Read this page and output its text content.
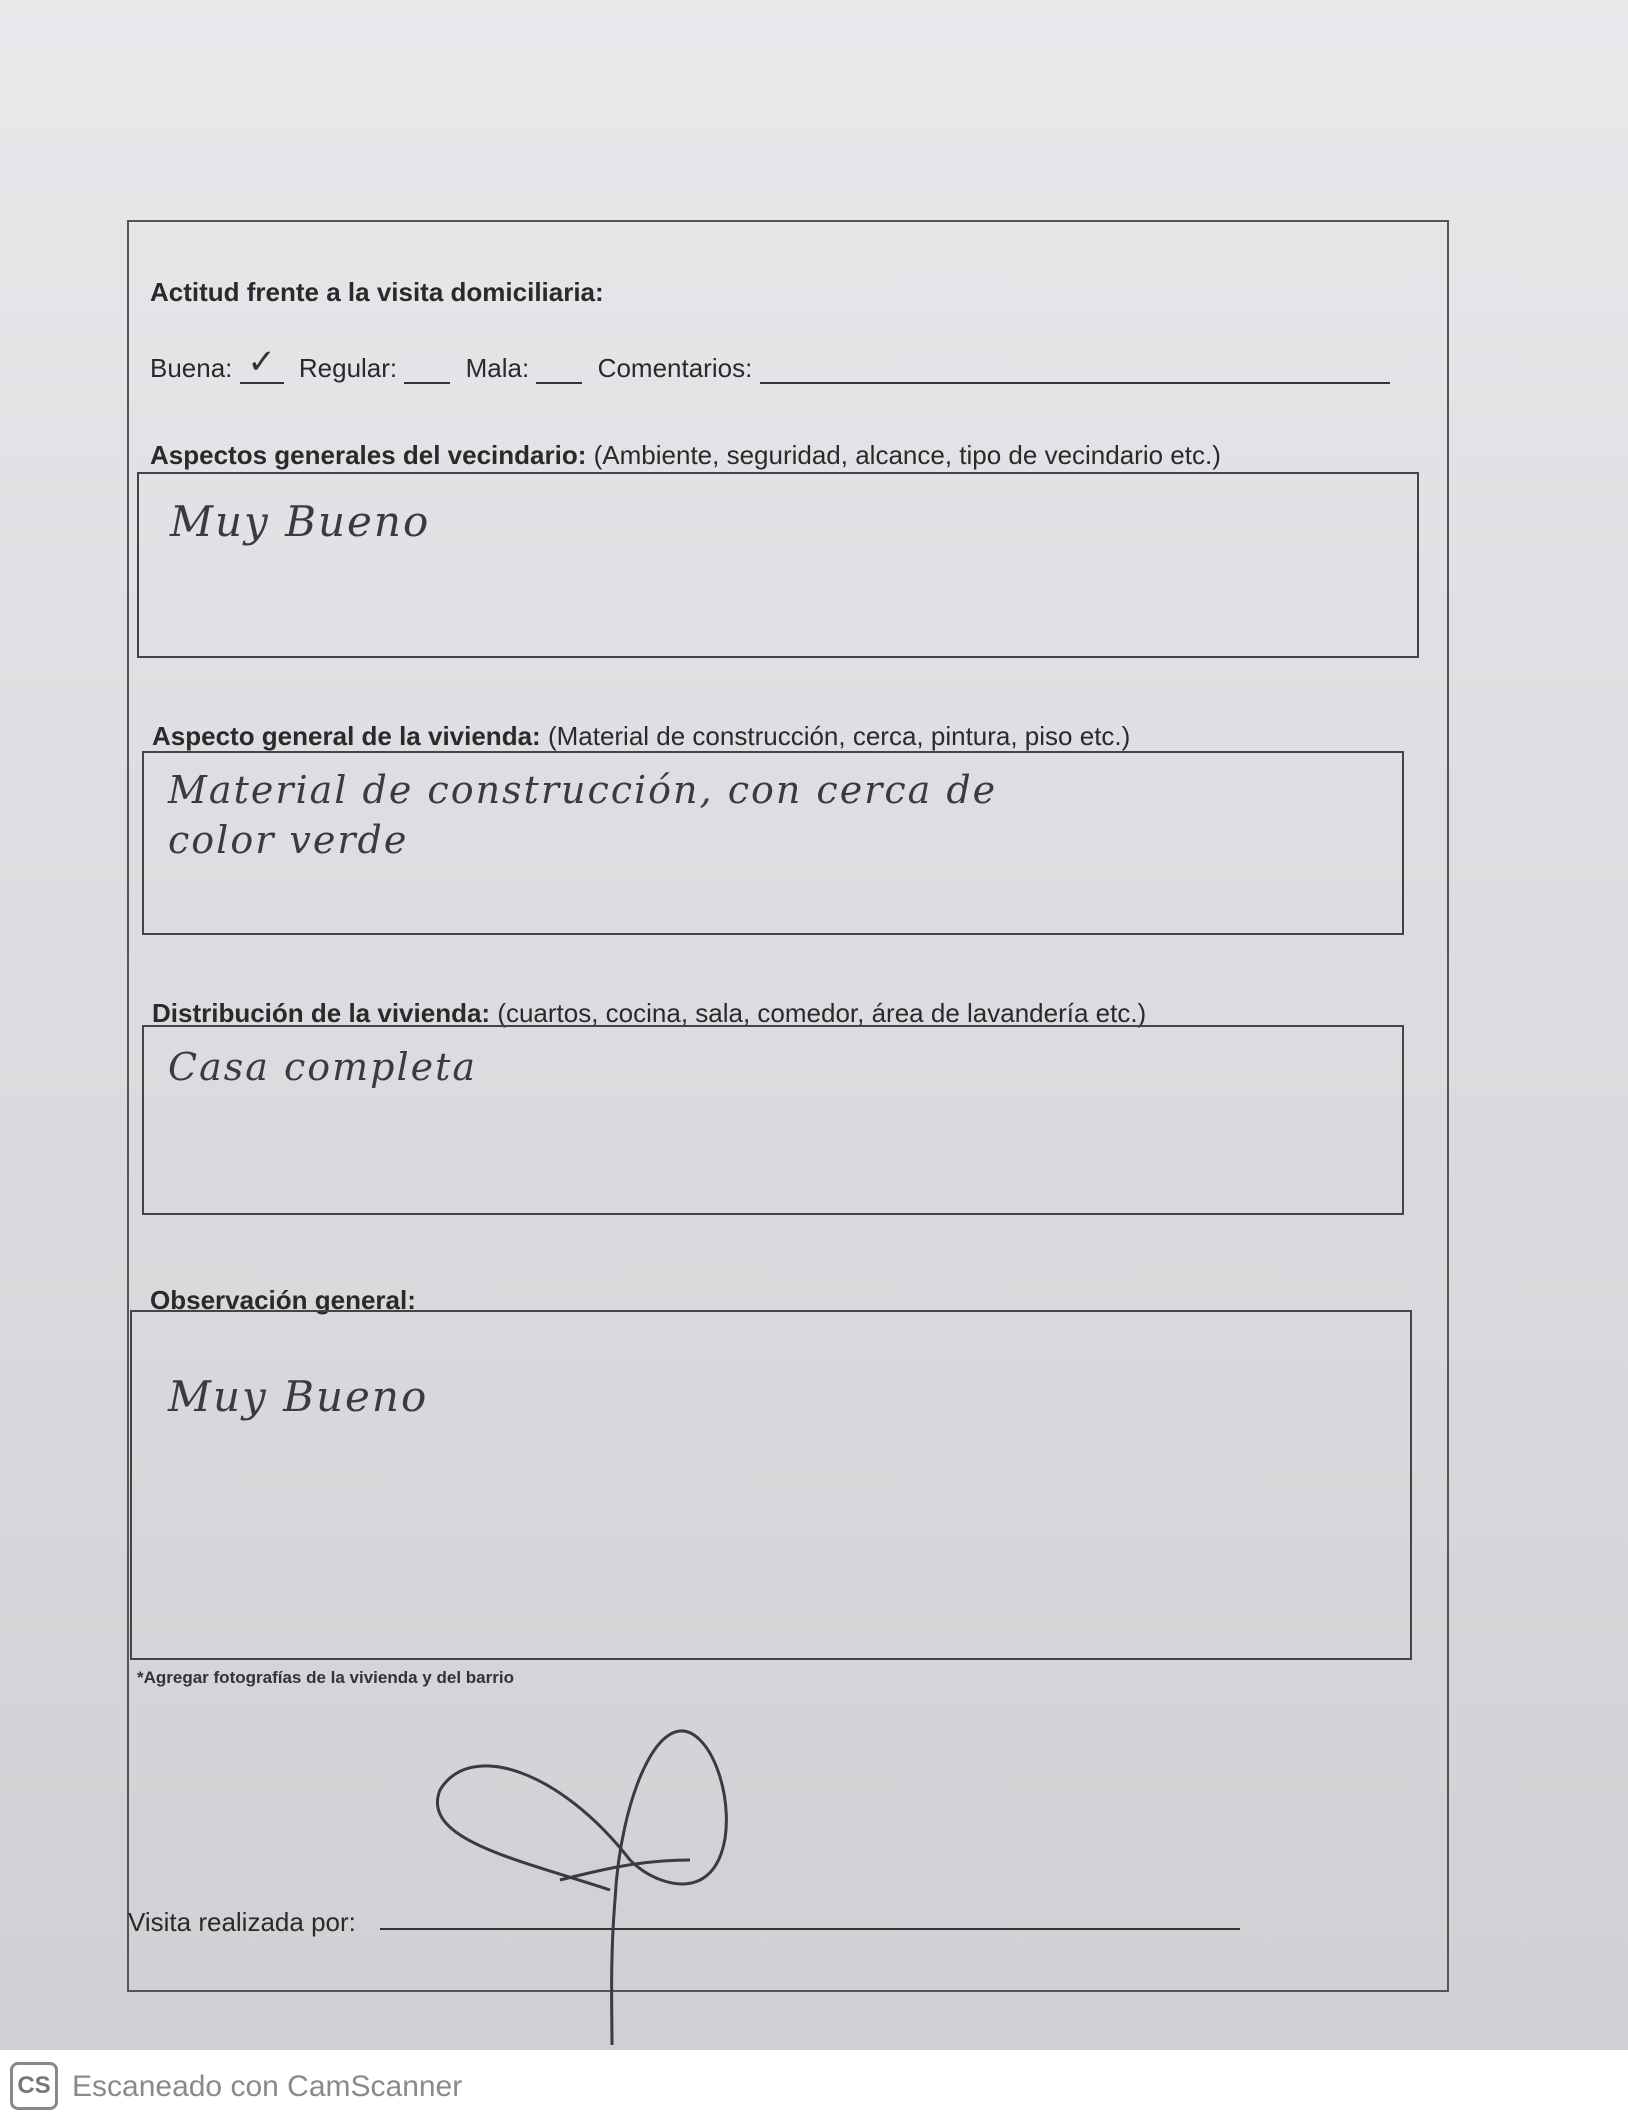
Actitud frente a la visita domiciliaria:
Buena: ✓ Regular:	Mala:	Comentarios:
Aspectos generales del vecindario: (Ambiente, seguridad, alcance, tipo de vecindario etc.)
Muy Bueno
Aspecto general de la vivienda: (Material de construcción, cerca, pintura, piso etc.)
Material de construcción, con cerca de
color verde
Distribución de la vivienda: (cuartos, cocina, sala, comedor, área de lavandería etc.)
Casa completa
Observación general:
Muy Bueno
*Agregar fotografías de la vivienda y del barrio
Visita realizada por:
CS Escaneado con CamScanner
